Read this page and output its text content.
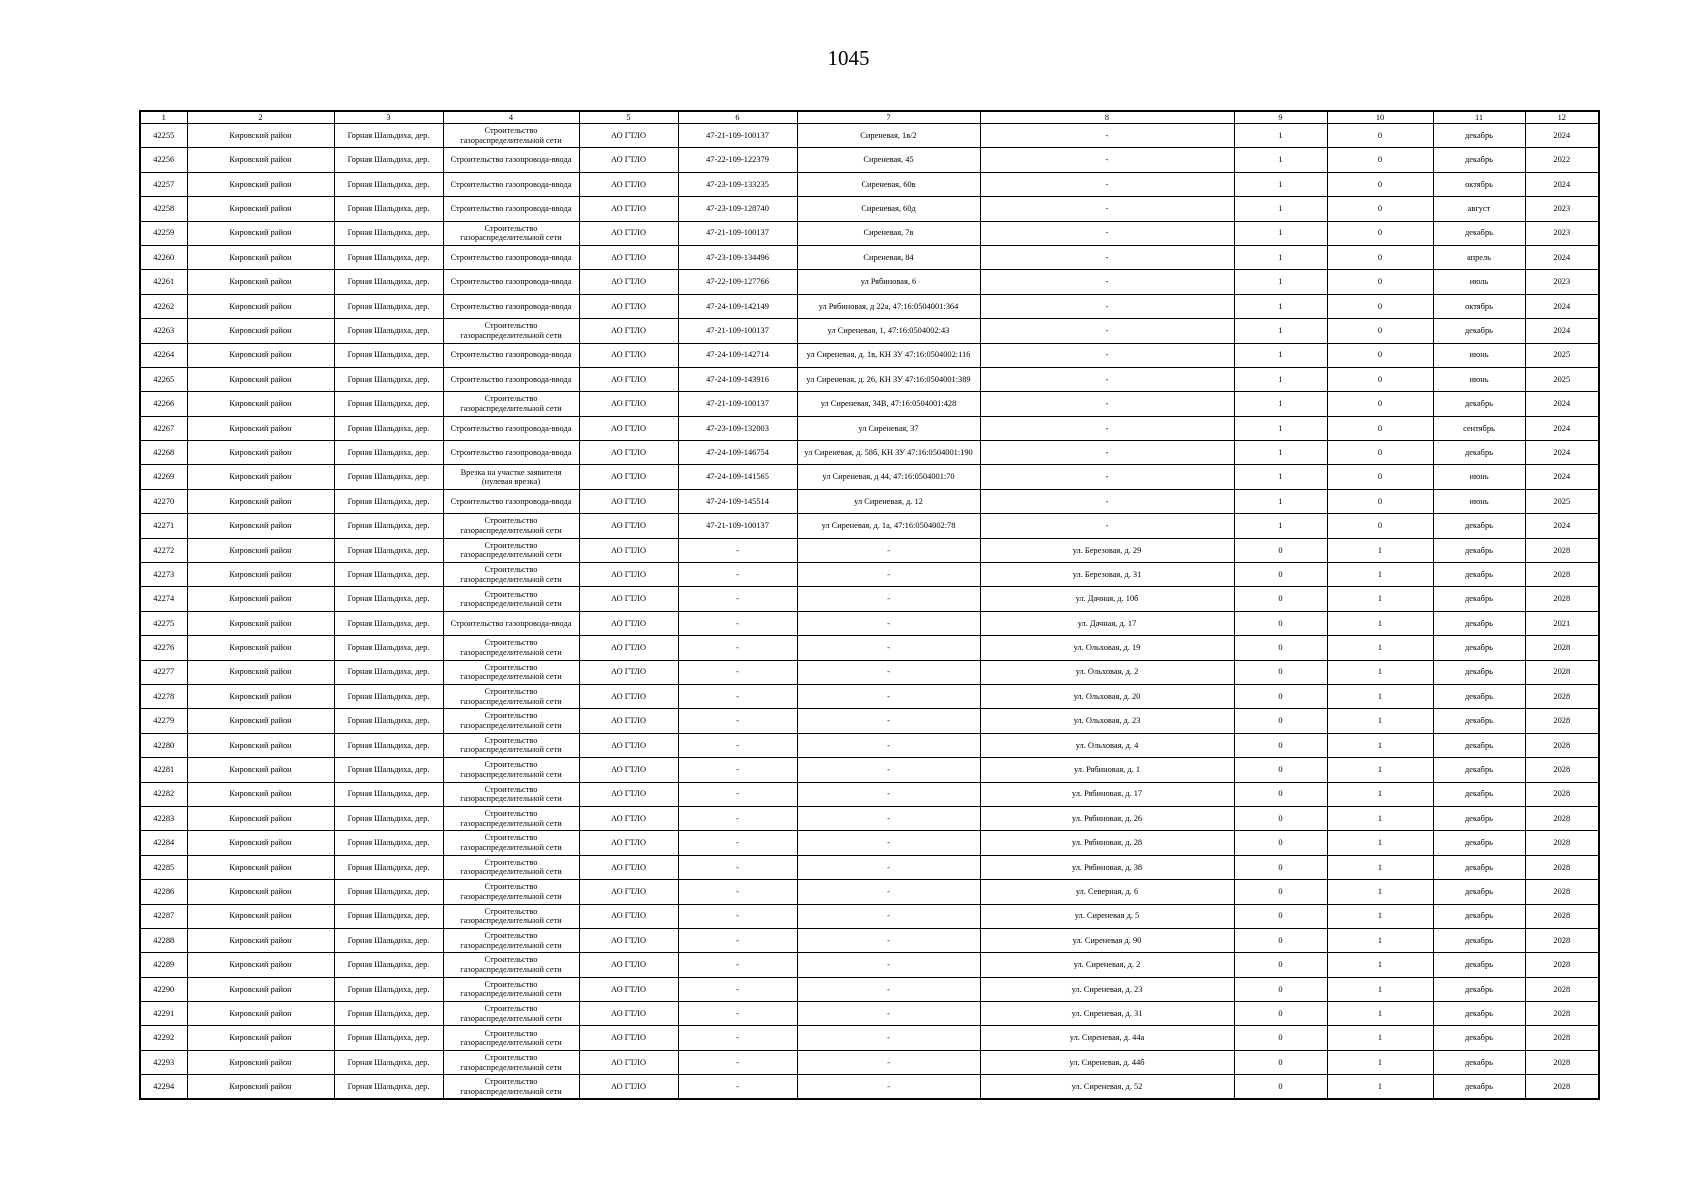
1045
1	2	3	4	5	6	7	8	9	10	11	12
42255	Кировский район	Горная Шальдиха, дер.	Строительство газораспределительной сети	АО ГТЛО	47-21-109-100137	Сиреневая, 1в/2	-	1	0	декабрь	2024
42256	Кировский район	Горная Шальдиха, дер.	Строительство газопровода-ввода	АО ГТЛО	47-22-109-122379	Сиреневая, 45	-	1	0	декабрь	2022
42257	Кировский район	Горная Шальдиха, дер.	Строительство газопровода-ввода	АО ГТЛО	47-23-109-133235	Сиреневая, 60в	-	1	0	октябрь	2024
42258	Кировский район	Горная Шальдиха, дер.	Строительство газопровода-ввода	АО ГТЛО	47-23-109-128740	Сиреневая, 60д	-	1	0	август	2023
42259	Кировский район	Горная Шальдиха, дер.	Строительство газораспределительной сети	АО ГТЛО	47-21-109-100137	Сиреневая, 7в	-	1	0	декабрь	2023
42260	Кировский район	Горная Шальдиха, дер.	Строительство газопровода-ввода	АО ГТЛО	47-23-109-134496	Сиреневая, 84	-	1	0	апрель	2024
42261	Кировский район	Горная Шальдиха, дер.	Строительство газопровода-ввода	АО ГТЛО	47-22-109-127766	ул Рябиновая, 6	-	1	0	июль	2023
42262	Кировский район	Горная Шальдиха, дер.	Строительство газопровода-ввода	АО ГТЛО	47-24-109-142149	ул Рябиновая, д 22а, 47:16:0504001:364	-	1	0	октябрь	2024
42263	Кировский район	Горная Шальдиха, дер.	Строительство газораспределительной сети	АО ГТЛО	47-21-109-100137	ул Сиреневая, 1, 47:16:0504002:43	-	1	0	декабрь	2024
42264	Кировский район	Горная Шальдиха, дер.	Строительство газопровода-ввода	АО ГТЛО	47-24-109-142714	ул Сиреневая, д. 1в, КН ЗУ 47:16:0504002:116	-	1	0	июнь	2025
42265	Кировский район	Горная Шальдиха, дер.	Строительство газопровода-ввода	АО ГТЛО	47-24-109-143916	ул Сиреневая, д. 26, КН ЗУ 47:16:0504001:389	-	1	0	июнь	2025
42266	Кировский район	Горная Шальдиха, дер.	Строительство газораспределительной сети	АО ГТЛО	47-21-109-100137	ул Сиреневая, 34В, 47:16:0504001:428	-	1	0	декабрь	2024
42267	Кировский район	Горная Шальдиха, дер.	Строительство газопровода-ввода	АО ГТЛО	47-23-109-132003	ул Сиреневая, 37	-	1	0	сентябрь	2024
42268	Кировский район	Горная Шальдиха, дер.	Строительство газопровода-ввода	АО ГТЛО	47-24-109-146754	ул Сиреневая, д. 58б, КН ЗУ 47:16:0504001:190	-	1	0	декабрь	2024
42269	Кировский район	Горная Шальдиха, дер.	Врезка на участке заявителя (нулевая врезка)	АО ГТЛО	47-24-109-141565	ул Сиреневая, д 44, 47:16:0504001:70	-	1	0	июнь	2024
42270	Кировский район	Горная Шальдиха, дер.	Строительство газопровода-ввода	АО ГТЛО	47-24-109-145514	ул Сиреневая, д. 12	-	1	0	июнь	2025
42271	Кировский район	Горная Шальдиха, дер.	Строительство газораспределительной сети	АО ГТЛО	47-21-109-100137	ул Сиреневая, д. 1а, 47:16:0504002:78	-	1	0	декабрь	2024
42272	Кировский район	Горная Шальдиха, дер.	Строительство газораспределительной сети	АО ГТЛО	-	-	ул. Березовая, д. 29	0	1	декабрь	2028
42273	Кировский район	Горная Шальдиха, дер.	Строительство газораспределительной сети	АО ГТЛО	-	-	ул. Березовая, д. 31	0	1	декабрь	2028
42274	Кировский район	Горная Шальдиха, дер.	Строительство газораспределительной сети	АО ГТЛО	-	-	ул. Дачная, д. 10б	0	1	декабрь	2028
42275	Кировский район	Горная Шальдиха, дер.	Строительство газопровода-ввода	АО ГТЛО	-	-	ул. Дачная, д. 17	0	1	декабрь	2021
42276	Кировский район	Горная Шальдиха, дер.	Строительство газораспределительной сети	АО ГТЛО	-	-	ул. Ольховая, д. 19	0	1	декабрь	2028
42277	Кировский район	Горная Шальдиха, дер.	Строительство газораспределительной сети	АО ГТЛО	-	-	ул. Ольховая, д. 2	0	1	декабрь	2028
42278	Кировский район	Горная Шальдиха, дер.	Строительство газораспределительной сети	АО ГТЛО	-	-	ул. Ольховая, д. 20	0	1	декабрь	2028
42279	Кировский район	Горная Шальдиха, дер.	Строительство газораспределительной сети	АО ГТЛО	-	-	ул. Ольховая, д. 23	0	1	декабрь	2028
42280	Кировский район	Горная Шальдиха, дер.	Строительство газораспределительной сети	АО ГТЛО	-	-	ул. Ольховая, д. 4	0	1	декабрь	2028
42281	Кировский район	Горная Шальдиха, дер.	Строительство газораспределительной сети	АО ГТЛО	-	-	ул. Рябиновая, д. 1	0	1	декабрь	2028
42282	Кировский район	Горная Шальдиха, дер.	Строительство газораспределительной сети	АО ГТЛО	-	-	ул. Рябиновая, д. 17	0	1	декабрь	2028
42283	Кировский район	Горная Шальдиха, дер.	Строительство газораспределительной сети	АО ГТЛО	-	-	ул. Рябиновая, д. 26	0	1	декабрь	2028
42284	Кировский район	Горная Шальдиха, дер.	Строительство газораспределительной сети	АО ГТЛО	-	-	ул. Рябиновая, д. 28	0	1	декабрь	2028
42285	Кировский район	Горная Шальдиха, дер.	Строительство газораспределительной сети	АО ГТЛО	-	-	ул. Рябиновая, д. 38	0	1	декабрь	2028
42286	Кировский район	Горная Шальдиха, дер.	Строительство газораспределительной сети	АО ГТЛО	-	-	ул. Северная, д. 6	0	1	декабрь	2028
42287	Кировский район	Горная Шальдиха, дер.	Строительство газораспределительной сети	АО ГТЛО	-	-	ул. Сиреневая д. 5	0	1	декабрь	2028
42288	Кировский район	Горная Шальдиха, дер.	Строительство газораспределительной сети	АО ГТЛО	-	-	ул. Сиреневая д. 90	0	1	декабрь	2028
42289	Кировский район	Горная Шальдиха, дер.	Строительство газораспределительной сети	АО ГТЛО	-	-	ул. Сиреневая, д. 2	0	1	декабрь	2028
42290	Кировский район	Горная Шальдиха, дер.	Строительство газораспределительной сети	АО ГТЛО	-	-	ул. Сиреневая, д. 23	0	1	декабрь	2028
42291	Кировский район	Горная Шальдиха, дер.	Строительство газораспределительной сети	АО ГТЛО	-	-	ул. Сиреневая, д. 31	0	1	декабрь	2028
42292	Кировский район	Горная Шальдиха, дер.	Строительство газораспределительной сети	АО ГТЛО	-	-	ул. Сиреневая, д. 44а	0	1	декабрь	2028
42293	Кировский район	Горная Шальдиха, дер.	Строительство газораспределительной сети	АО ГТЛО	-	-	ул. Сиреневая, д. 44б	0	1	декабрь	2028
42294	Кировский район	Горная Шальдиха, дер.	Строительство газораспределительной сети	АО ГТЛО	-	-	ул. Сиреневая, д. 52	0	1	декабрь	2028
